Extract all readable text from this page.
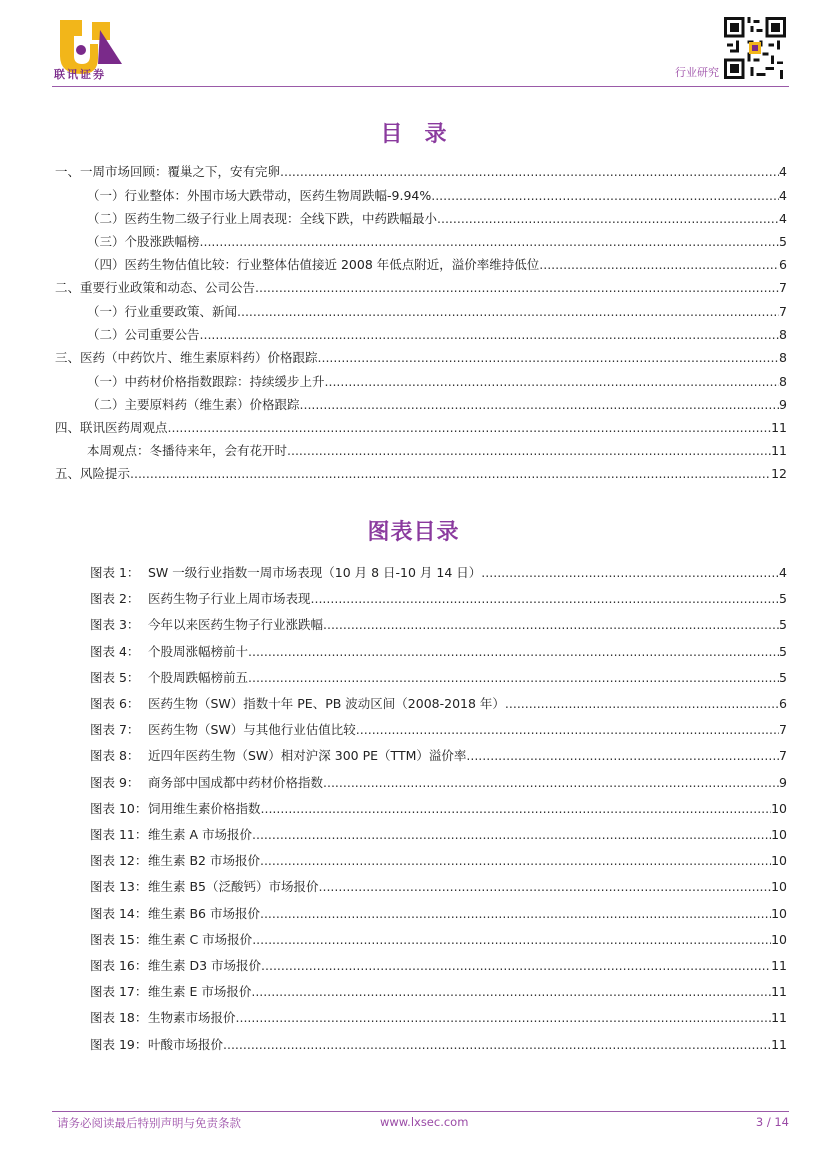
联讯证券	行业研究
目录
一、一周市场回顾：覆巢之下，安有完卵 .....	4
（一）行业整体：外围市场大跌带动，医药生物周跌幅-9.94% .....	4
（二）医药生物二级子行业上周表现：全线下跌，中药跌幅最小 .....	4
（三）个股涨跌幅榜 .....	5
（四）医药生物估值比较：行业整体估值接近 2008 年低点附近，溢价率维持低位 .....	6
二、重要行业政策和动态、公司公告 .....	7
（一）行业重要政策、新闻 .....	7
（二）公司重要公告 .....	8
三、医药（中药饮片、维生素原料药）价格跟踪 .....	8
（一）中药材价格指数跟踪：持续缓步上升 .....	8
（二）主要原料药（维生素）价格跟踪 .....	9
四、联讯医药周观点 .....	11
本周观点：冬播待来年，会有花开时 .....	11
五、风险提示 .....	12
图表目录
图表 1： SW 一级行业指数一周市场表现（10 月 8 日-10 月 14 日） .....	4
图表 2： 医药生物子行业上周市场表现 .....	5
图表 3： 今年以来医药生物子行业涨跌幅 .....	5
图表 4： 个股周涨幅榜前十 .....	5
图表 5： 个股周跌幅榜前五 .....	5
图表 6： 医药生物（SW）指数十年 PE、PB 波动区间（2008-2018 年） .....	6
图表 7： 医药生物（SW）与其他行业估值比较 .....	7
图表 8： 近四年医药生物（SW）相对沪深 300 PE（TTM）溢价率 .....	7
图表 9： 商务部中国成都中药材价格指数 .....	9
图表 10： 饲用维生素价格指数 .....	10
图表 11： 维生素 A 市场报价 .....	10
图表 12： 维生素 B2 市场报价 .....	10
图表 13： 维生素 B5（泛酸钙）市场报价 .....	10
图表 14： 维生素 B6 市场报价 .....	10
图表 15： 维生素 C 市场报价 .....	10
图表 16： 维生素 D3 市场报价 .....	11
图表 17： 维生素 E 市场报价 .....	11
图表 18： 生物素市场报价 .....	11
图表 19： 叶酸市场报价 .....	11
请务必阅读最后特别声明与免责条款	www.lxsec.com	3 / 14
